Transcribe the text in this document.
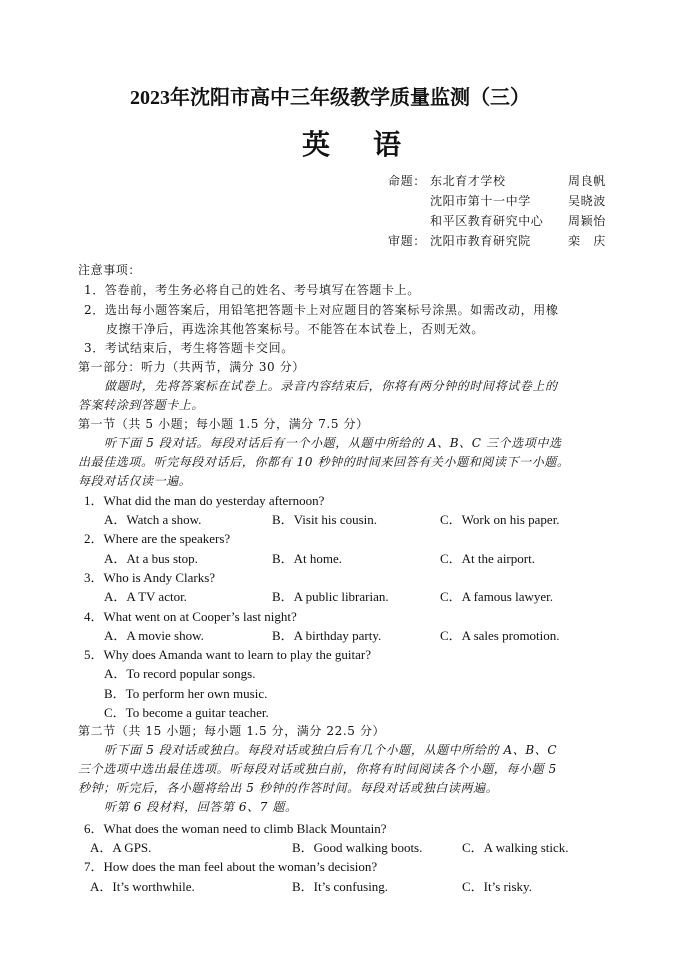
2023年沈阳市高中三年级教学质量监测（三）
英 语
命题： 东北育才学校	周良帆
沈阳市第十一中学	吴晓波
和平区教育研究中心 周颖怡
审题： 沈阳市教育研究院	栾　庆
注意事项：
1．答卷前，考生务必将自己的姓名、考号填写在答题卡上。
2．选出每小题答案后，用铅笔把答题卡上对应题目的答案标号涂黑。如需改动，用橡
皮擦干净后，再选涂其他答案标号。不能答在本试卷上，否则无效。
3．考试结束后，考生将答题卡交回。
第一部分：听力（共两节，满分 30 分）
做题时，先将答案标在试卷上。录音内容结束后，你将有两分钟的时间将试卷上的
答案转涂到答题卡上。
第一节（共 5 小题；每小题 1.5 分，满分 7.5 分）
听下面 5 段对话。每段对话后有一个小题，从题中所给的 A、B、C 三个选项中选
出最佳选项。听完每段对话后，你都有 10 秒钟的时间来回答有关小题和阅读下一小题。
每段对话仅读一遍。
1．What did the man do yesterday afternoon?
A．Watch a show.	B．Visit his cousin.	C．Work on his paper.
2．Where are the speakers?
A．At a bus stop.	B．At home.	C．At the airport.
3．Who is Andy Clarks?
A．A TV actor.	B．A public librarian.	C．A famous lawyer.
4．What went on at Cooper’s last night?
A．A movie show.	B．A birthday party.	C．A sales promotion.
5．Why does Amanda want to learn to play the guitar?
A．To record popular songs.
B．To perform her own music.
C．To become a guitar teacher.
第二节（共 15 小题；每小题 1.5 分，满分 22.5 分）
听下面 5 段对话或独白。每段对话或独白后有几个小题，从题中所给的 A、B、C
三个选项中选出最佳选项。听每段对话或独白前，你将有时间阅读各个小题，每小题 5
秒钟；听完后，各小题将给出 5 秒钟的作答时间。每段对话或独白读两遍。
听第 6 段材料，回答第 6、7 题。
6．What does the woman need to climb Black Mountain?
A．A GPS.	B．Good walking boots.	C．A walking stick.
7．How does the man feel about the woman’s decision?
A．It’s worthwhile.	B．It’s confusing.	C．It’s risky.
